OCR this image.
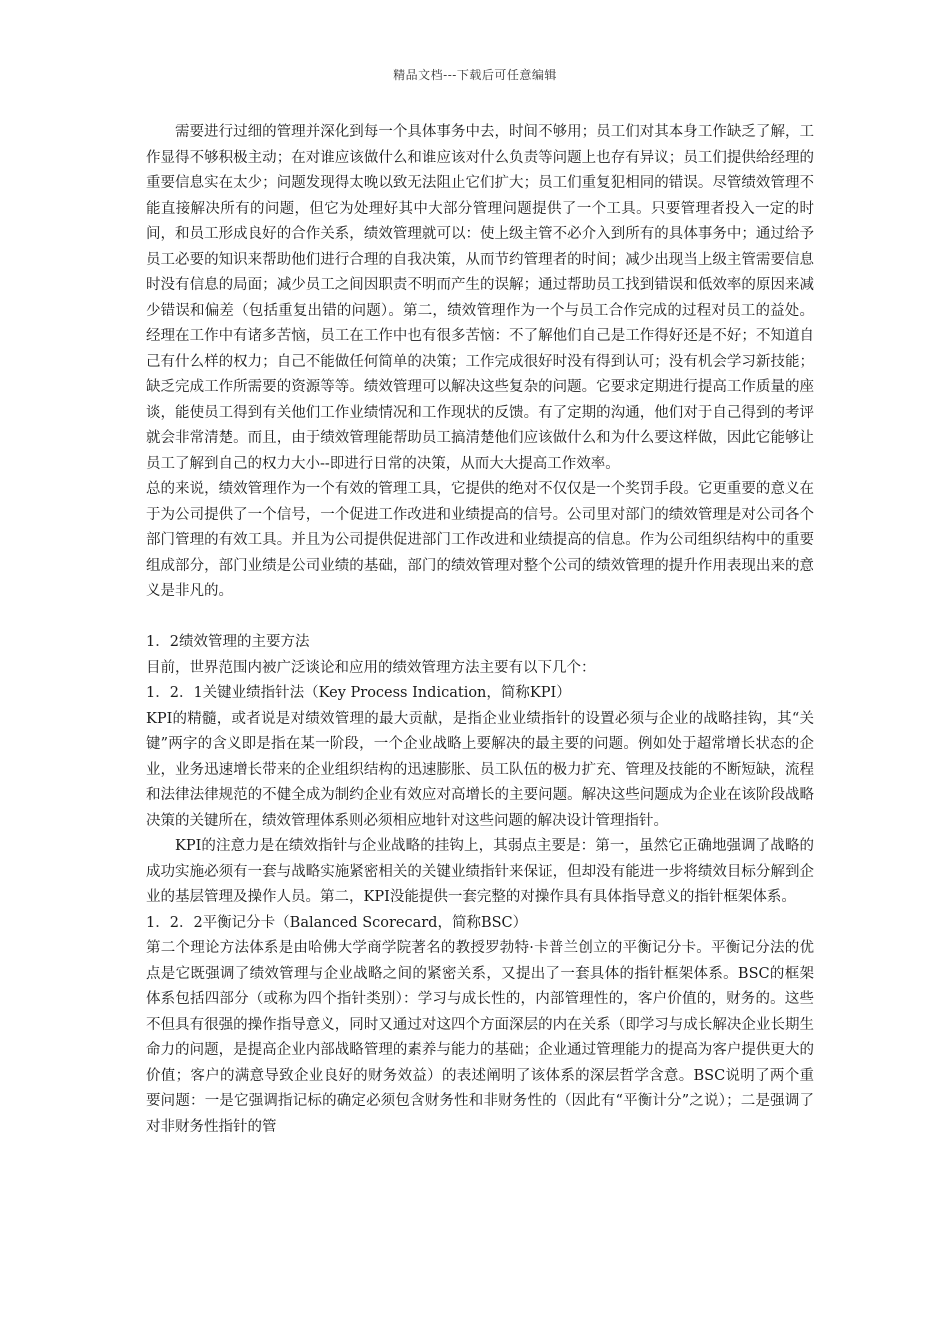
精品文档---下载后可任意编辑

需要进行过细的管理并深化到每一个具体事务中去，时间不够用；员工们对其本身工作缺乏了解，工作显得不够积极主动；在对谁应该做什么和谁应该对什么负责等问题上也存有异议；员工们提供给经理的重要信息实在太少；问题发现得太晚以致无法阻止它们扩大；员工们重复犯相同的错误。尽管绩效管理不能直接解决所有的问题，但它为处理好其中大部分管理问题提供了一个工具。只要管理者投入一定的时间，和员工形成良好的合作关系，绩效管理就可以：使上级主管不必介入到所有的具体事务中；通过给予员工必要的知识来帮助他们进行合理的自我决策，从而节约管理者的时间；减少出现当上级主管需要信息时没有信息的局面；减少员工之间因职责不明而产生的误解；通过帮助员工找到错误和低效率的原因来减少错误和偏差（包括重复出错的问题）。第二，绩效管理作为一个与员工合作完成的过程对员工的益处。 经理在工作中有诸多苦恼，员工在工作中也有很多苦恼：不了解他们自己是工作得好还是不好；不知道自己有什么样的权力；自己不能做任何简单的决策；工作完成很好时没有得到认可；没有机会学习新技能；缺乏完成工作所需要的资源等等。绩效管理可以解决这些复杂的问题。它要求定期进行提高工作质量的座谈，能使员工得到有关他们工作业绩情况和工作现状的反馈。有了定期的沟通，他们对于自己得到的考评就会非常清楚。而且，由于绩效管理能帮助员工搞清楚他们应该做什么和为什么要这样做，因此它能够让员工了解到自己的权力大小--即进行日常的决策，从而大大提高工作效率。

总的来说，绩效管理作为一个有效的管理工具，它提供的绝对不仅仅是一个奖罚手段。它更重要的意义在于为公司提供了一个信号，一个促进工作改进和业绩提高的信号。公司里对部门的绩效管理是对公司各个部门管理的有效工具。并且为公司提供促进部门工作改进和业绩提高的信息。作为公司组织结构中的重要组成部分，部门业绩是公司业绩的基础，部门的绩效管理对整个公司的绩效管理的提升作用表现出来的意义是非凡的。

1．2绩效管理的主要方法

目前，世界范围内被广泛谈论和应用的绩效管理方法主要有以下几个：

1．2．1关键业绩指针法（Key Process Indication，简称KPI）

KPI的精髓，或者说是对绩效管理的最大贡献，是指企业业绩指针的设置必须与企业的战略挂钩，其“关键”两字的含义即是指在某一阶段，一个企业战略上要解决的最主要的问题。例如处于超常增长状态的企业，业务迅速增长带来的企业组织结构的迅速膨胀、员工队伍的极力扩充、管理及技能的不断短缺，流程和法律法律规范的不健全成为制约企业有效应对高增长的主要问题。解决这些问题成为企业在该阶段战略决策的关键所在，绩效管理体系则必须相应地针对这些问题的解决设计管理指针。

KPI的注意力是在绩效指针与企业战略的挂钩上，其弱点主要是：第一，虽然它正确地强调了战略的成功实施必须有一套与战略实施紧密相关的关键业绩指针来保证，但却没有能进一步将绩效目标分解到企业的基层管理及操作人员。第二，KPI没能提供一套完整的对操作具有具体指导意义的指针框架体系。

1．2．2平衡记分卡（Balanced Scorecard，简称BSC）

第二个理论方法体系是由哈佛大学商学院著名的教授罗勃特·卡普兰创立的平衡记分卡。平衡记分法的优点是它既强调了绩效管理与企业战略之间的紧密关系，又提出了一套具体的指针框架体系。BSC的框架体系包括四部分（或称为四个指针类别）：学习与成长性的，内部管理性的，客户价值的，财务的。这些不但具有很强的操作指导意义，同时又通过对这四个方面深层的内在关系（即学习与成长解决企业长期生命力的问题，是提高企业内部战略管理的素养与能力的基础；企业通过管理能力的提高为客户提供更大的价值；客户的满意导致企业良好的财务效益）的表述阐明了该体系的深层哲学含意。BSC说明了两个重要问题：一是它强调指记标的确定必须包含财务性和非财务性的（因此有“平衡计分”之说）；二是强调了对非财务性指针的管
